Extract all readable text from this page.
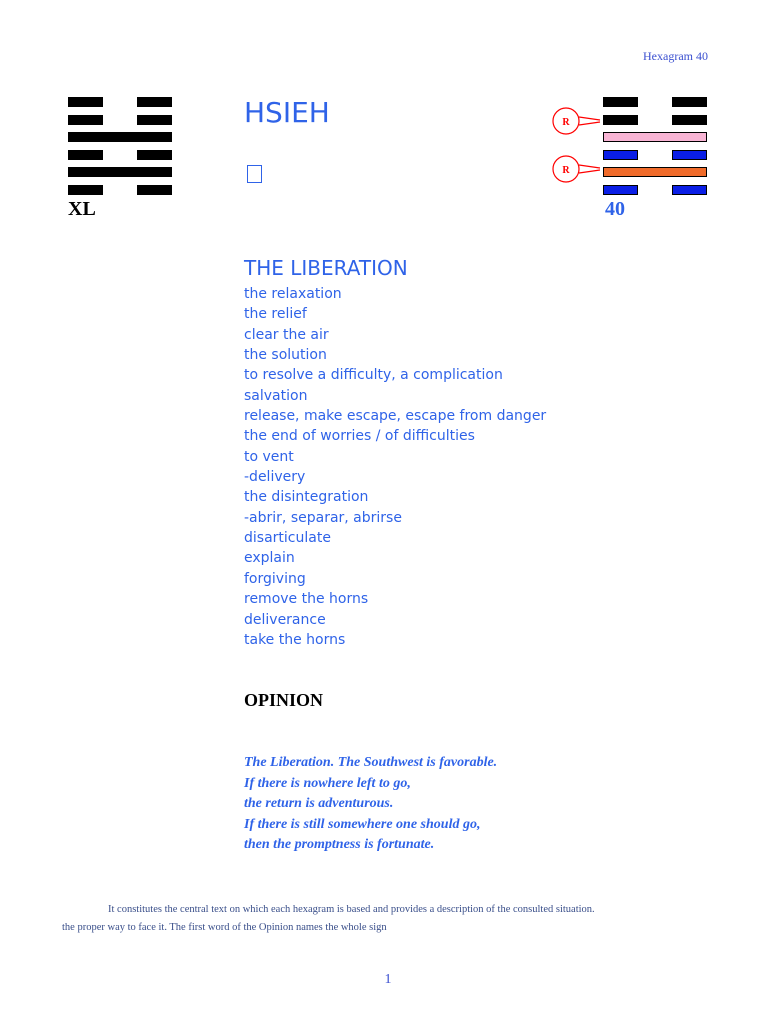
Hexagram 40
HSIEH	R
R
XL	40
THE LIBERATION
the relaxation
the relief
clear the air
the solution
to resolve a difficulty, a complication
salvation
release, make escape, escape from danger
the end of worries / of difficulties
to vent
-delivery
the disintegration
-abrir, separar, abrirse
disarticulate
explain
forgiving
remove the horns
deliverance
take the horns
OPINION
The Liberation. The Southwest is favorable.
If there is nowhere left to go,
the return is adventurous.
If there is still somewhere one should go,
then the promptness is fortunate.
It constitutes the central text on which each hexagram is based and provides a description of the consulted situation.
the proper way to face it. The first word of the Opinion names the whole sign
1
